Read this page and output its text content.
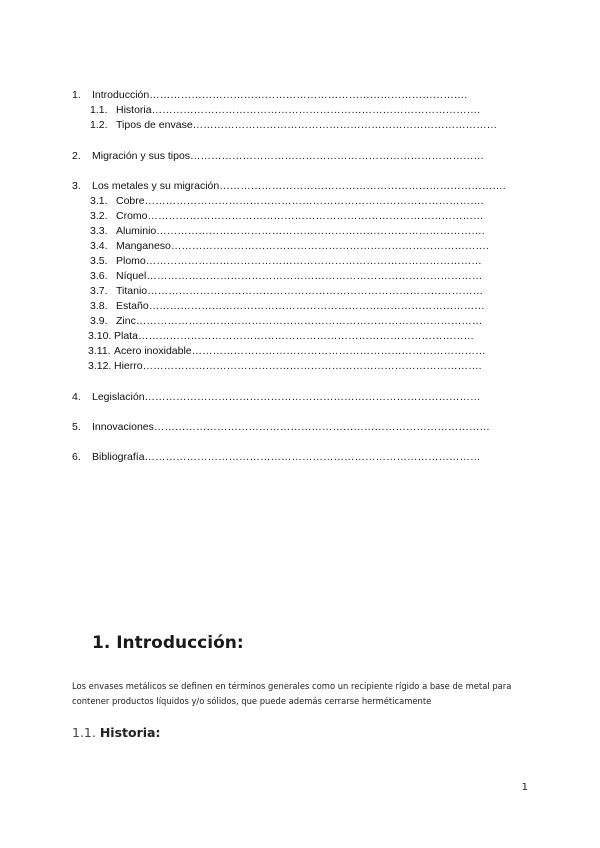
1. Introducción……………………………………………………………………………….
1.1. Historia………………………………………………………………………………….
1.2. Tipos de envase……………………………………………………………………………
2. Migración y sus tipos…………………………………………………………………………
3. Los metales y su migración……………………………………………………………………….
3.1. Cobre…………………………………………………………………………………….
3.2. Cromo……………………………………………………………………………………
3.3. Aluminio………………………………………………………………………………….
3.4. Manganeso……………………………………………………………………………….
3.5. Plomo……………………………………………………………………………………
3.6. Níquel……………………………………………………………………………………
3.7. Titanio……………………………………………………………………………………
3.8. Estaño……………………………………………………………………………………
3.9. Zinc………………………………………………………………………………………
3.10. Plata……………………………………………………………………………………
3.11. Acero inoxidable…………………………………………………………………………
3.12. Hierro…………………………………………………………………………………….
4. Legislación……………………………………………………………………………………
5. Innovaciones……………………………………………………………………………………
6. Bibliografía……………………………………………………………………………………
1. Introducción:
Los envases metálicos se definen en términos generales como un recipiente rígido a base de metal para contener productos líquidos y/o sólidos, que puede además cerrarse herméticamente
1.1. Historia:
1
